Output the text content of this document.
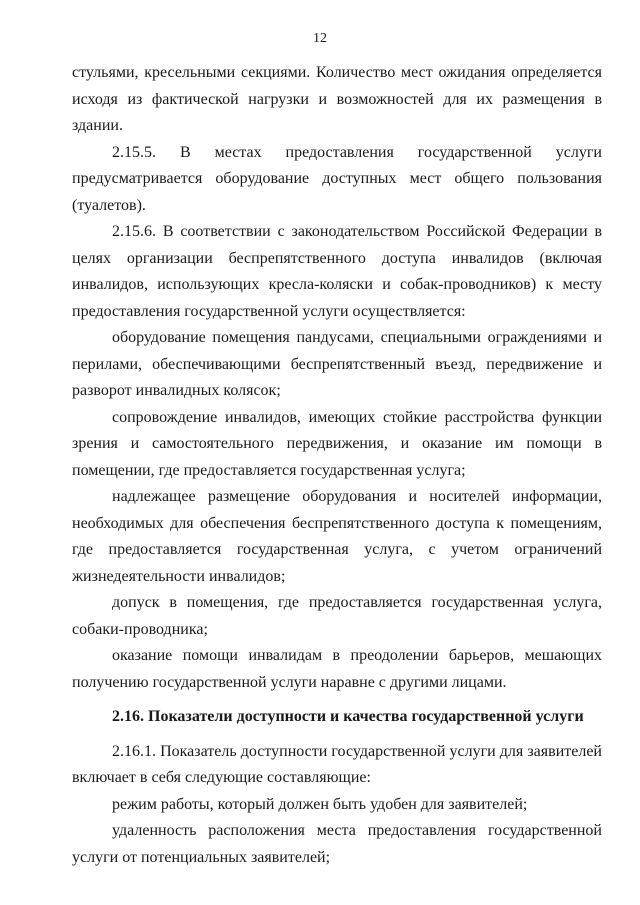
12

стульями, кресельными секциями. Количество мест ожидания определяется исходя из фактической нагрузки и возможностей для их размещения в здании.

2.15.5. В местах предоставления государственной услуги предусматривается оборудование доступных мест общего пользования (туалетов).

2.15.6. В соответствии с законодательством Российской Федерации в целях организации беспрепятственного доступа инвалидов (включая инвалидов, использующих кресла-коляски и собак-проводников) к месту предоставления государственной услуги осуществляется:

оборудование помещения пандусами, специальными ограждениями и перилами, обеспечивающими беспрепятственный въезд, передвижение и разворот инвалидных колясок;

сопровождение инвалидов, имеющих стойкие расстройства функции зрения и самостоятельного передвижения, и оказание им помощи в помещении, где предоставляется государственная услуга;

надлежащее размещение оборудования и носителей информации, необходимых для обеспечения беспрепятственного доступа к помещениям, где предоставляется государственная услуга, с учетом ограничений жизнедеятельности инвалидов;

допуск в помещения, где предоставляется государственная услуга, собаки-проводника;

оказание помощи инвалидам в преодолении барьеров, мешающих получению государственной услуги наравне с другими лицами.

2.16. Показатели доступности и качества государственной услуги

2.16.1. Показатель доступности государственной услуги для заявителей включает в себя следующие составляющие:

режим работы, который должен быть удобен для заявителей;

удаленность расположения места предоставления государственной услуги от потенциальных заявителей;
